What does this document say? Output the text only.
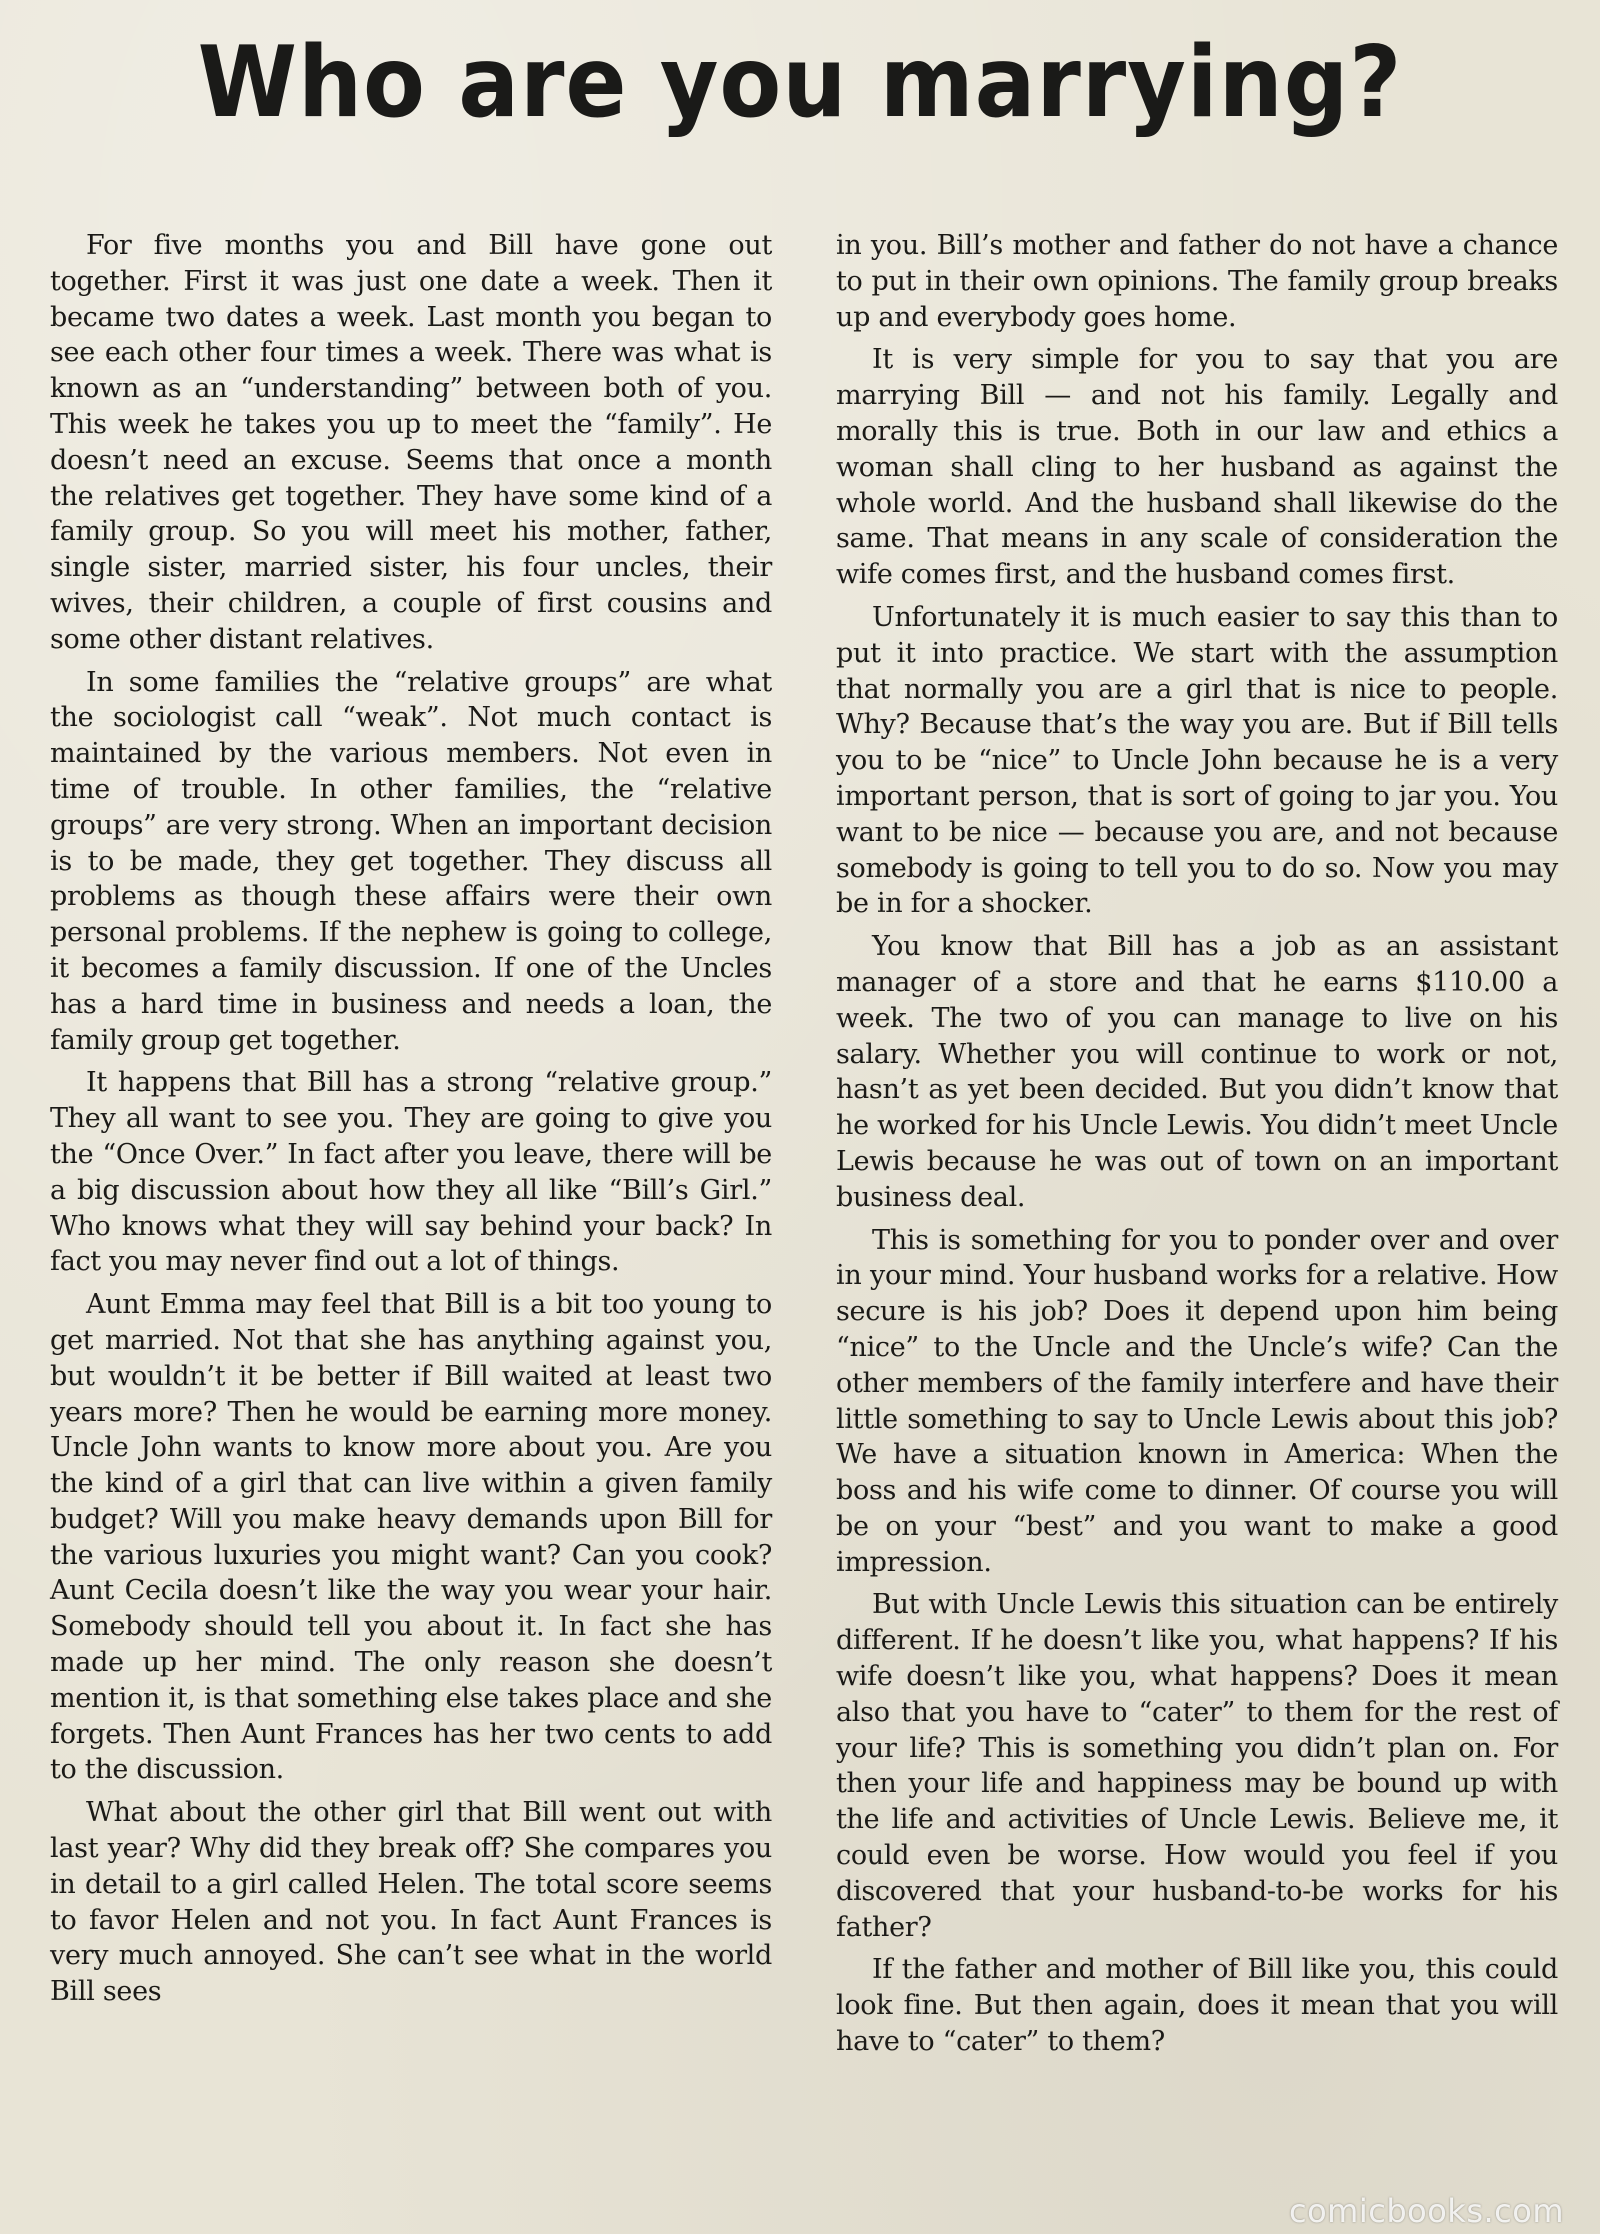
Who are you marrying?

For five months you and Bill have gone out together. First it was just one date a week. Then it became two dates a week. Last month you began to see each other four times a week. There was what is known as an “understanding” between both of you. This week he takes you up to meet the “family”. He doesn’t need an excuse. Seems that once a month the relatives get together. They have some kind of a family group. So you will meet his mother, father, single sister, married sister, his four uncles, their wives, their children, a couple of first cousins and some other distant relatives.

In some families the “relative groups” are what the sociologist call “weak”. Not much contact is maintained by the various members. Not even in time of trouble. In other families, the “relative groups” are very strong. When an important decision is to be made, they get together. They discuss all problems as though these affairs were their own personal problems. If the nephew is going to college, it becomes a family discussion. If one of the Uncles has a hard time in business and needs a loan, the family group get together.

It happens that Bill has a strong “relative group.” They all want to see you. They are going to give you the “Once Over.” In fact after you leave, there will be a big discussion about how they all like “Bill’s Girl.” Who knows what they will say behind your back? In fact you may never find out a lot of things.

Aunt Emma may feel that Bill is a bit too young to get married. Not that she has anything against you, but wouldn’t it be better if Bill waited at least two years more? Then he would be earning more money. Uncle John wants to know more about you. Are you the kind of a girl that can live within a given family budget? Will you make heavy demands upon Bill for the various luxuries you might want? Can you cook? Aunt Cecila doesn’t like the way you wear your hair. Somebody should tell you about it. In fact she has made up her mind. The only reason she doesn’t mention it, is that something else takes place and she forgets. Then Aunt Frances has her two cents to add to the discussion.

What about the other girl that Bill went out with last year? Why did they break off? She compares you in detail to a girl called Helen. The total score seems to favor Helen and not you. In fact Aunt Frances is very much annoyed. She can’t see what in the world Bill sees

in you. Bill’s mother and father do not have a chance to put in their own opinions. The family group breaks up and everybody goes home.

It is very simple for you to say that you are marrying Bill — and not his family. Legally and morally this is true. Both in our law and ethics a woman shall cling to her husband as against the whole world. And the husband shall likewise do the same. That means in any scale of consideration the wife comes first, and the husband comes first.

Unfortunately it is much easier to say this than to put it into practice. We start with the assumption that normally you are a girl that is nice to people. Why? Because that’s the way you are. But if Bill tells you to be “nice” to Uncle John because he is a very important person, that is sort of going to jar you. You want to be nice — because you are, and not because somebody is going to tell you to do so. Now you may be in for a shocker.

You know that Bill has a job as an assistant manager of a store and that he earns $110.00 a week. The two of you can manage to live on his salary. Whether you will continue to work or not, hasn’t as yet been decided. But you didn’t know that he worked for his Uncle Lewis. You didn’t meet Uncle Lewis because he was out of town on an important business deal.

This is something for you to ponder over and over in your mind. Your husband works for a relative. How secure is his job? Does it depend upon him being “nice” to the Uncle and the Uncle’s wife? Can the other members of the family interfere and have their little something to say to Uncle Lewis about this job? We have a situation known in America: When the boss and his wife come to dinner. Of course you will be on your “best” and you want to make a good impression.

But with Uncle Lewis this situation can be entirely different. If he doesn’t like you, what happens? If his wife doesn’t like you, what happens? Does it mean also that you have to “cater” to them for the rest of your life? This is something you didn’t plan on. For then your life and happiness may be bound up with the life and activities of Uncle Lewis. Believe me, it could even be worse. How would you feel if you discovered that your husband-to-be works for his father?

If the father and mother of Bill like you, this could look fine. But then again, does it mean that you will have to “cater” to them?

comicbooks.com
